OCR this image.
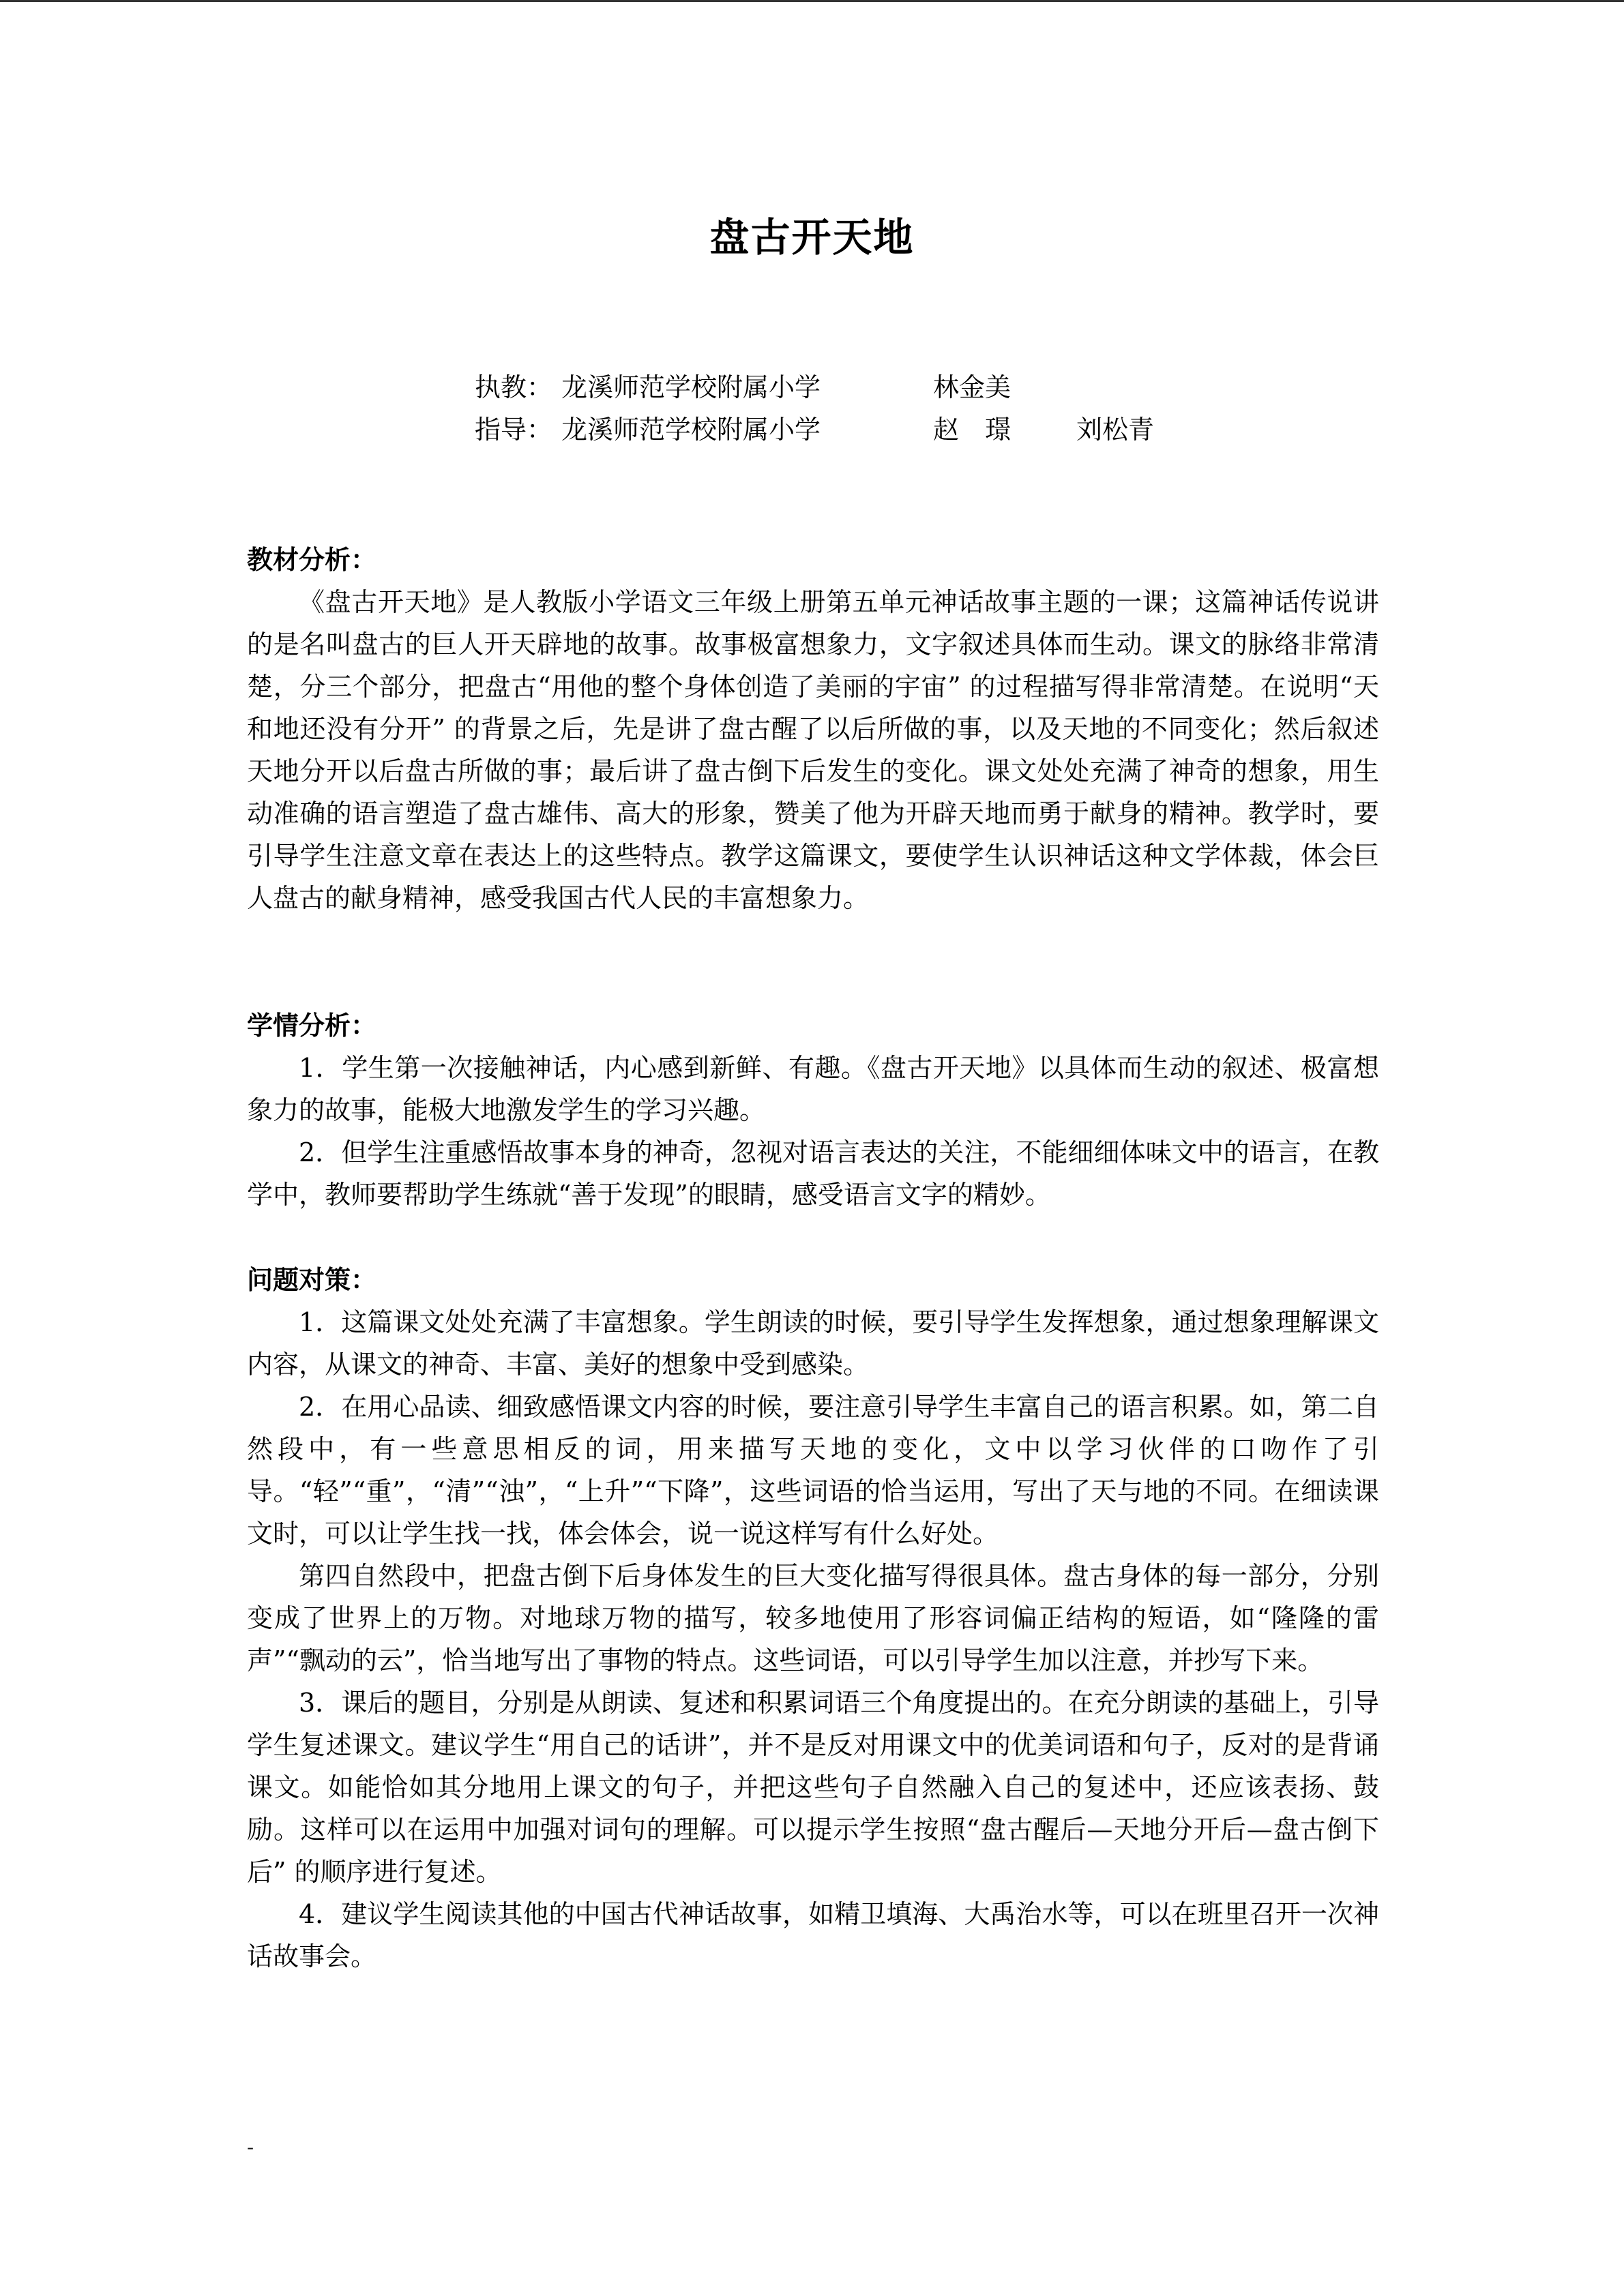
盘古开天地
执教： 龙溪师范学校附属小学	林金美
指导： 龙溪师范学校附属小学	赵　璟	刘松青
教材分析：

《盘古开天地》是人教版小学语文三年级上册第五单元神话故事主题的一课；这篇神话传说讲的是名叫盘古的巨人开天辟地的故事。故事极富想象力，文字叙述具体而生动。课文的脉络非常清楚，分三个部分，把盘古“用他的整个身体创造了美丽的宇宙” 的过程描写得非常清楚。在说明“天和地还没有分开” 的背景之后，先是讲了盘古醒了以后所做的事，以及天地的不同变化；然后叙述天地分开以后盘古所做的事；最后讲了盘古倒下后发生的变化。课文处处充满了神奇的想象，用生动准确的语言塑造了盘古雄伟、高大的形象，赞美了他为开辟天地而勇于献身的精神。教学时，要引导学生注意文章在表达上的这些特点。教学这篇课文，要使学生认识神话这种文学体裁，体会巨人盘古的献身精神，感受我国古代人民的丰富想象力。

学情分析：

1．学生第一次接触神话，内心感到新鲜、有趣。《盘古开天地》以具体而生动的叙述、极富想象力的故事，能极大地激发学生的学习兴趣。

2．但学生注重感悟故事本身的神奇，忽视对语言表达的关注，不能细细体味文中的语言，在教学中，教师要帮助学生练就“善于发现”的眼睛，感受语言文字的精妙。

问题对策：

1．这篇课文处处充满了丰富想象。学生朗读的时候，要引导学生发挥想象，通过想象理解课文内容，从课文的神奇、丰富、美好的想象中受到感染。

2．在用心品读、细致感悟课文内容的时候，要注意引导学生丰富自己的语言积累。如，第二自然段中，有一些意思相反的词，用来描写天地的变化，文中以学习伙伴的口吻作了引导。“轻”“重”，“清”“浊”，“上升”“下降”，这些词语的恰当运用，写出了天与地的不同。在细读课文时，可以让学生找一找，体会体会，说一说这样写有什么好处。

第四自然段中，把盘古倒下后身体发生的巨大变化描写得很具体。盘古身体的每一部分，分别变成了世界上的万物。对地球万物的描写，较多地使用了形容词偏正结构的短语，如“隆隆的雷声”“飘动的云”，恰当地写出了事物的特点。这些词语，可以引导学生加以注意，并抄写下来。

3．课后的题目，分别是从朗读、复述和积累词语三个角度提出的。在充分朗读的基础上，引导学生复述课文。建议学生“用自己的话讲”，并不是反对用课文中的优美词语和句子，反对的是背诵课文。如能恰如其分地用上课文的句子，并把这些句子自然融入自己的复述中，还应该表扬、鼓励。这样可以在运用中加强对词句的理解。可以提示学生按照“盘古醒后—天地分开后—盘古倒下后” 的顺序进行复述。

4．建议学生阅读其他的中国古代神话故事，如精卫填海、大禹治水等，可以在班里召开一次神话故事会。

-
